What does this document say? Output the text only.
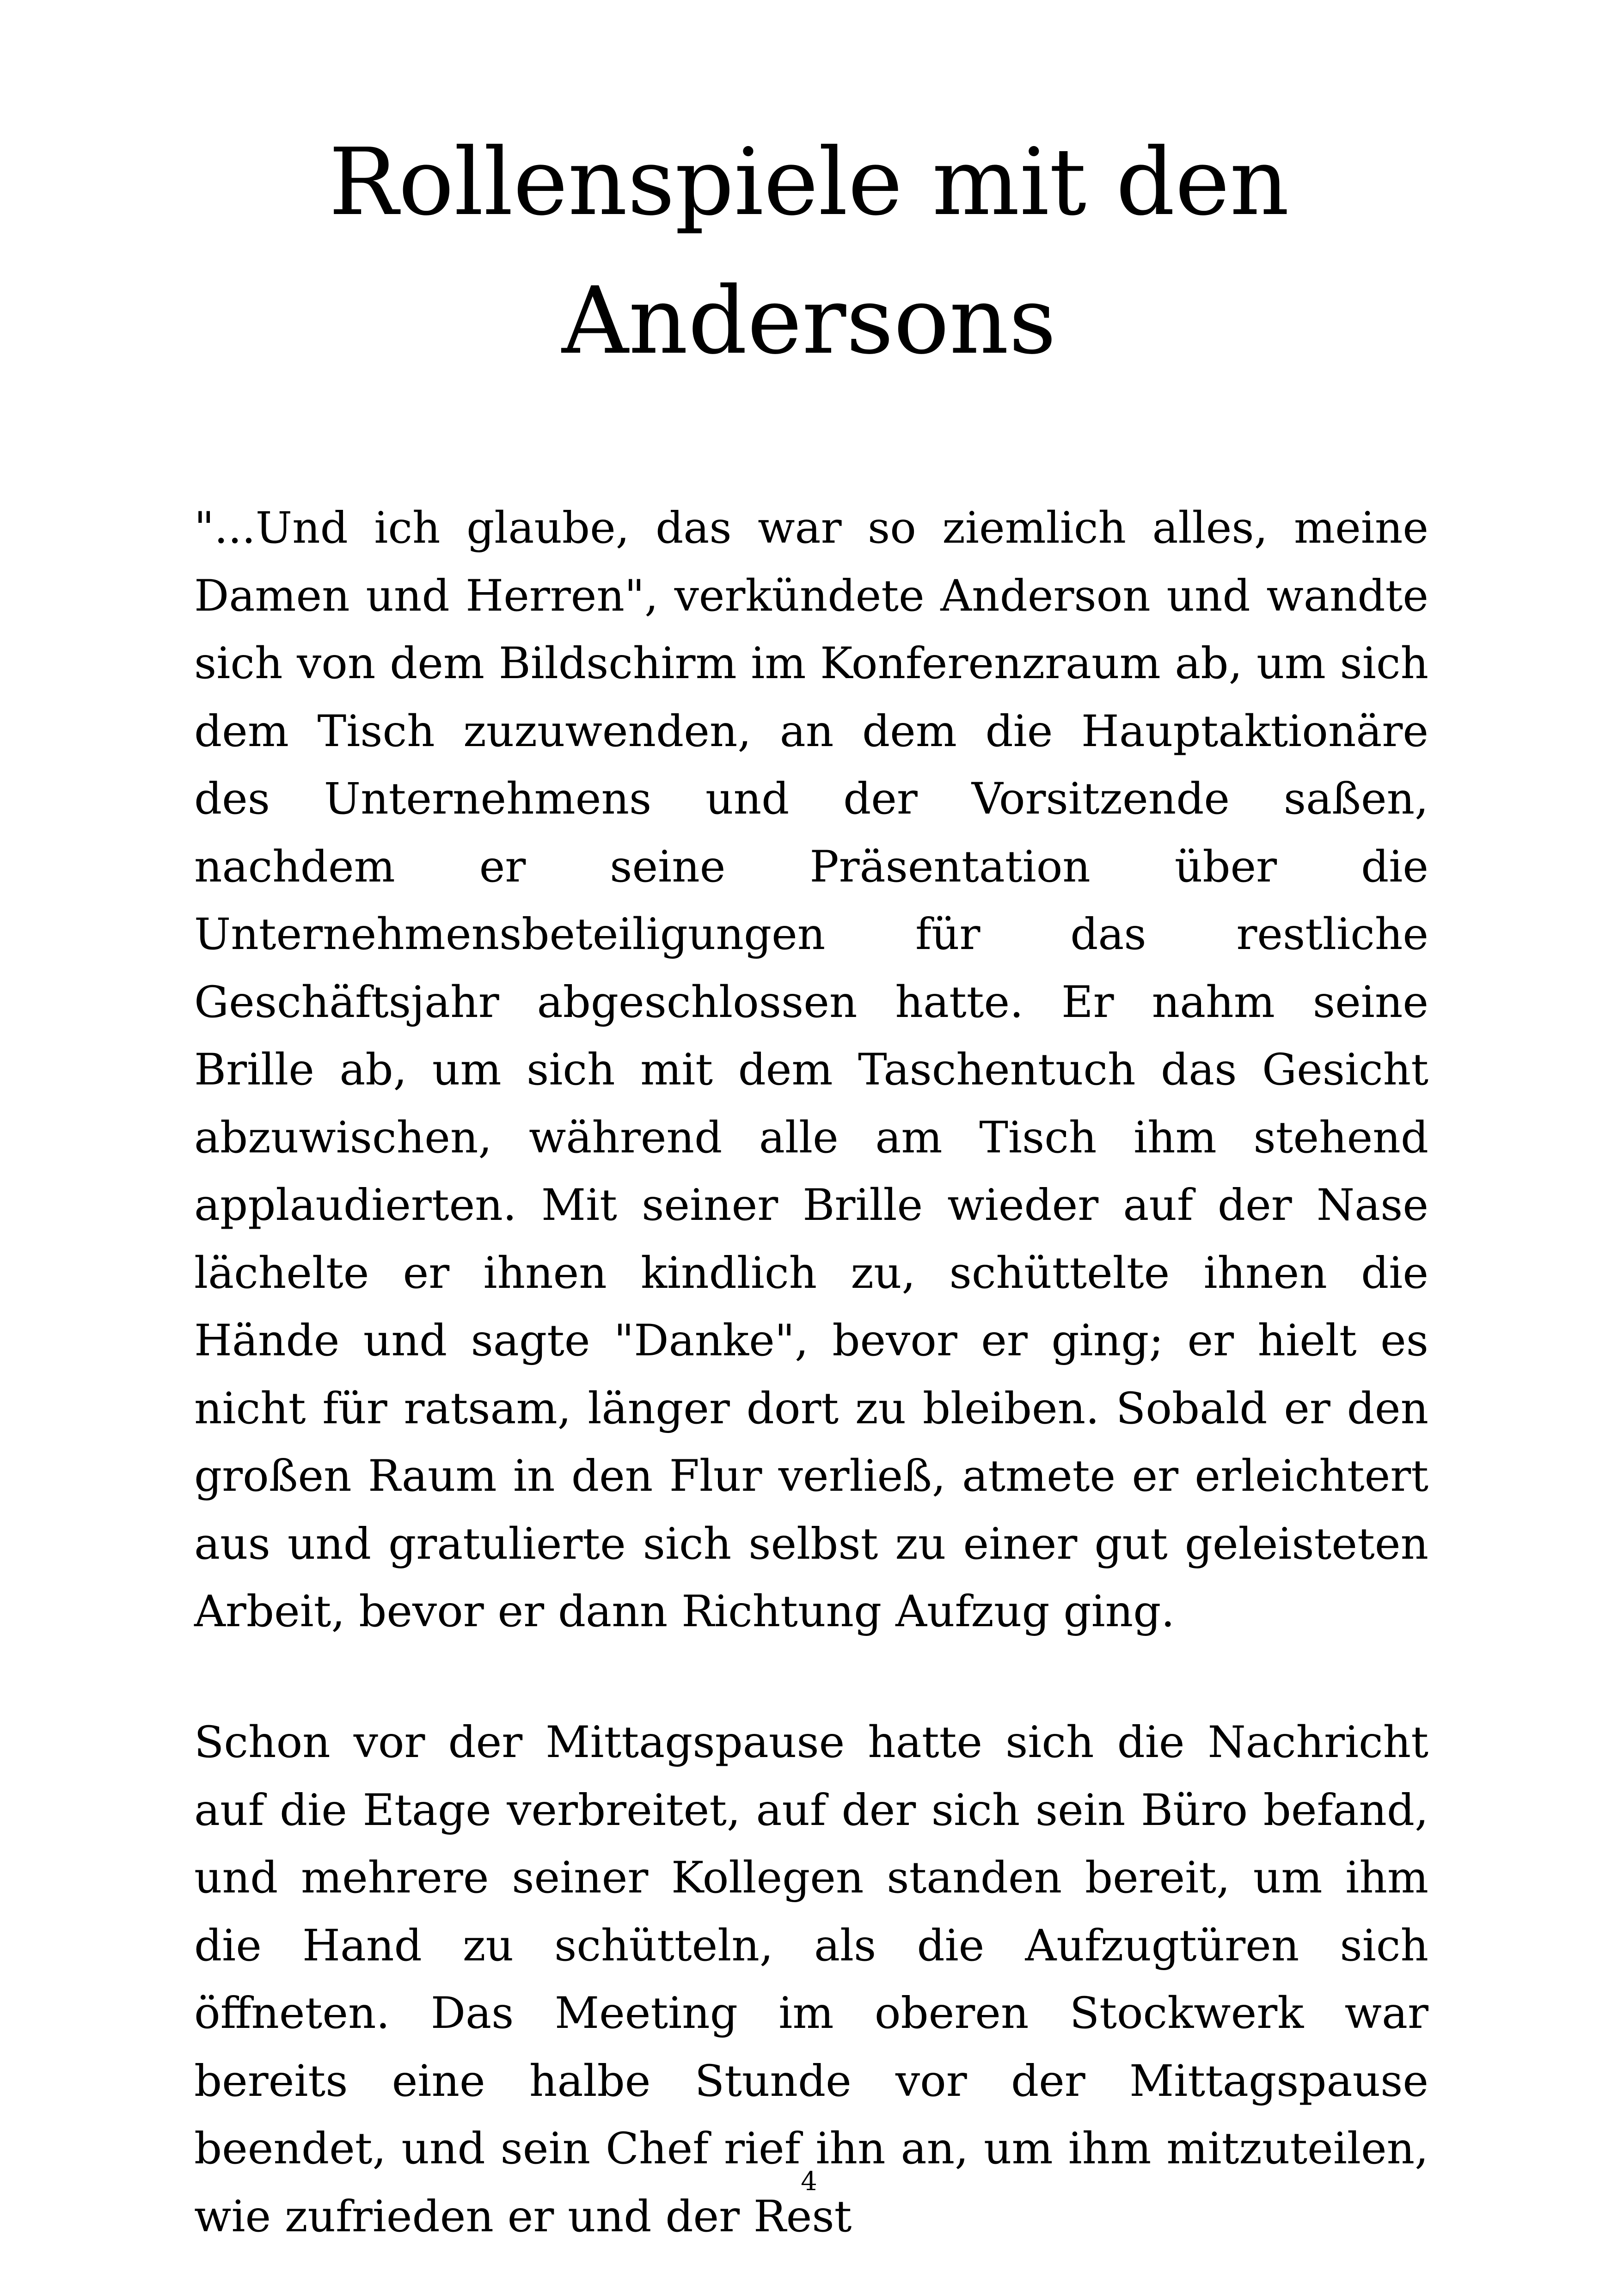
Rollenspiele mit den
Andersons

"...Und ich glaube, das war so ziemlich alles, meine Damen und Herren", verkündete Anderson und wandte sich von dem Bildschirm im Konferenzraum ab, um sich dem Tisch zuzuwenden, an dem die Hauptaktionäre des Unternehmens und der Vorsitzende saßen, nachdem er seine Präsentation über die Unternehmensbeteiligungen für das restliche Geschäftsjahr abgeschlossen hatte. Er nahm seine Brille ab, um sich mit dem Taschentuch das Gesicht abzuwischen, während alle am Tisch ihm stehend applaudierten. Mit seiner Brille wieder auf der Nase lächelte er ihnen kindlich zu, schüttelte ihnen die Hände und sagte "Danke", bevor er ging; er hielt es nicht für ratsam, länger dort zu bleiben. Sobald er den großen Raum in den Flur verließ, atmete er erleichtert aus und gratulierte sich selbst zu einer gut geleisteten Arbeit, bevor er dann Richtung Aufzug ging.

Schon vor der Mittagspause hatte sich die Nachricht auf die Etage verbreitet, auf der sich sein Büro befand, und mehrere seiner Kollegen standen bereit, um ihm die Hand zu schütteln, als die Aufzugtüren sich öffneten. Das Meeting im oberen Stockwerk war bereits eine halbe Stunde vor der Mittagspause beendet, und sein Chef rief ihn an, um ihm mitzuteilen, wie zufrieden er und der Rest

4
